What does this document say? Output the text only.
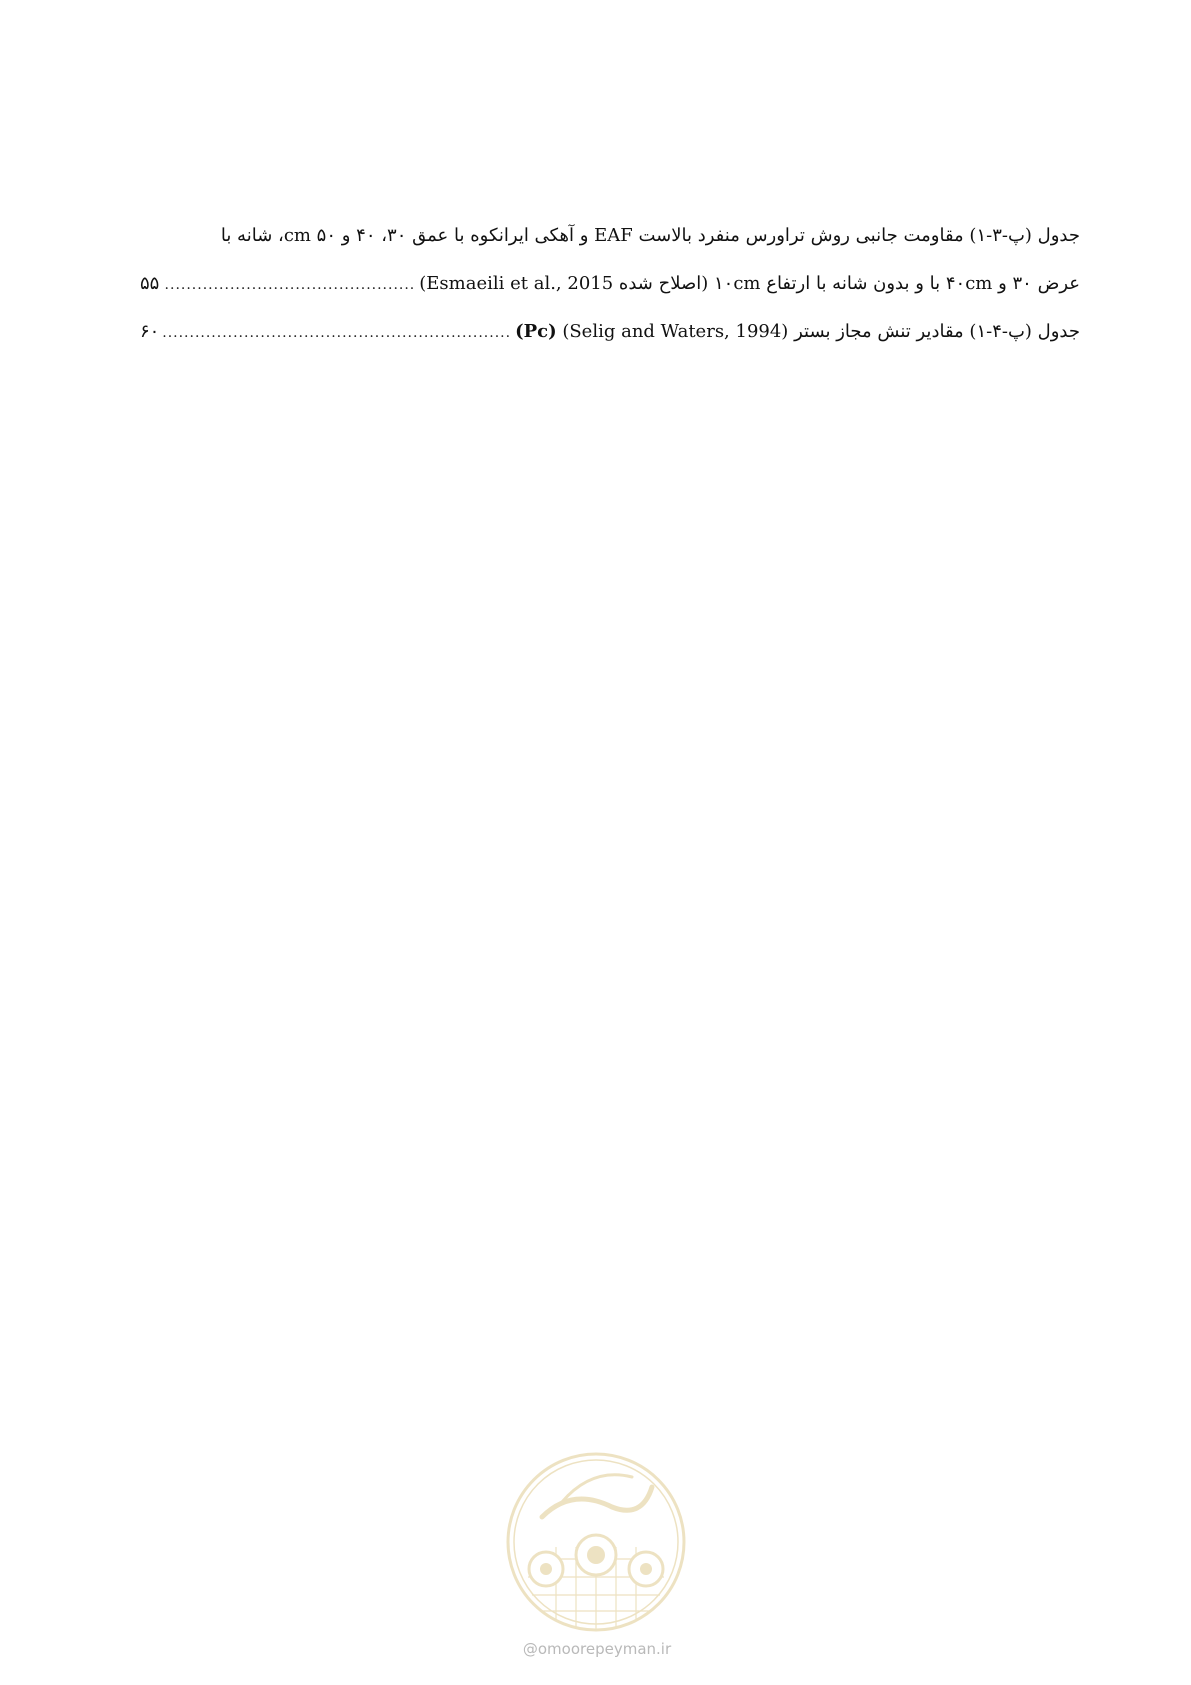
جدول (پ-۳-۱) مقاومت جانبی روش تراورس منفرد بالاست EAF و آهکی ایرانکوه با عمق ۳۰، ۴۰ و cm ۵۰، شانه با
عرض ۳۰ و ۴۰cm با و بدون شانه با ارتفاع ۱۰cm (اصلاح شده Esmaeili et al., 2015)
.....
۵۵
جدول (پ-۴-۱) مقادیر تنش مجاز بستر (Pc) (Selig and Waters, 1994)
.....
۶۰
@omoorepeyman.ir
